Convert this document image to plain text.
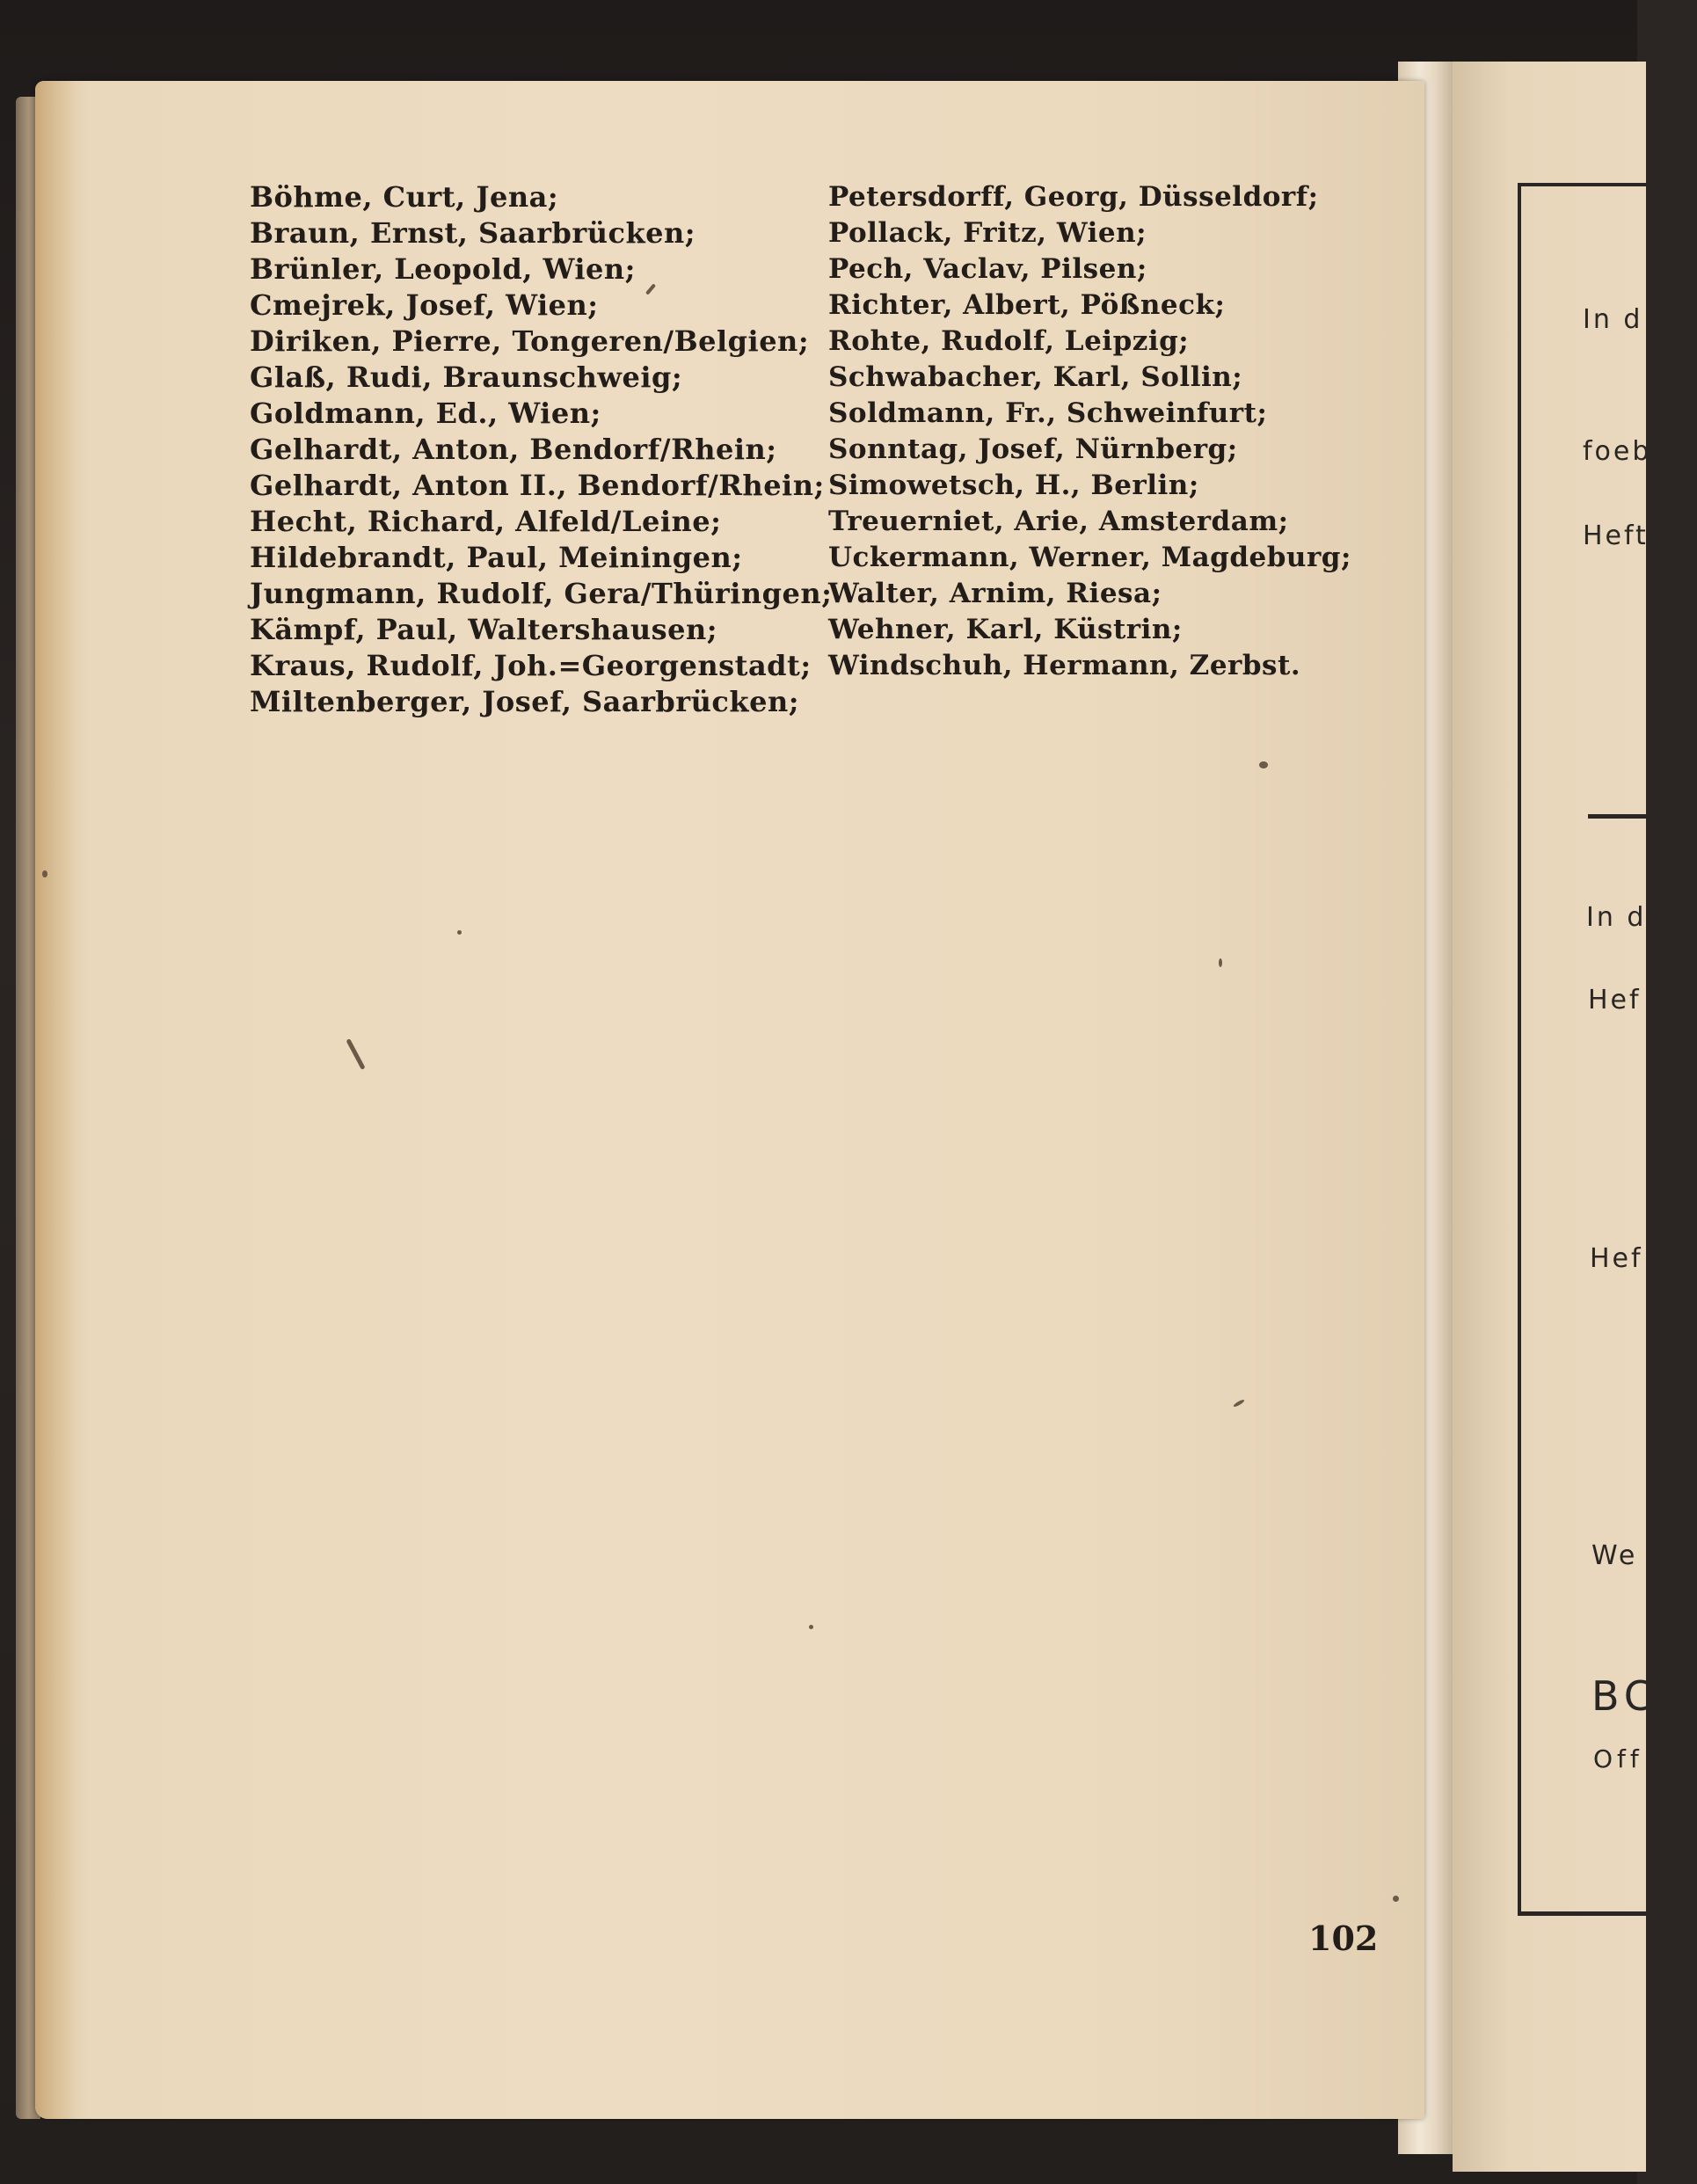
In d
foeb
Heft
In d
Hef
Hef
We
BC
Off
Böhme, Curt, Jena;
Braun, Ernst, Saarbrücken;
Brünler, Leopold, Wien;
Cmejrek, Josef, Wien;
Diriken, Pierre, Tongeren/Belgien;
Glaß, Rudi, Braunschweig;
Goldmann, Ed., Wien;
Gelhardt, Anton, Bendorf/Rhein;
Gelhardt, Anton II., Bendorf/Rhein;
Hecht, Richard, Alfeld/Leine;
Hildebrandt, Paul, Meiningen;
Jungmann, Rudolf, Gera/Thüringen;
Kämpf, Paul, Waltershausen;
Kraus, Rudolf, Joh.=Georgenstadt;
Miltenberger, Josef, Saarbrücken;
Petersdorff, Georg, Düsseldorf;
Pollack, Fritz, Wien;
Pech, Vaclav, Pilsen;
Richter, Albert, Pößneck;
Rohte, Rudolf, Leipzig;
Schwabacher, Karl, Sollin;
Soldmann, Fr., Schweinfurt;
Sonntag, Josef, Nürnberg;
Simowetsch, H., Berlin;
Treuerniet, Arie, Amsterdam;
Uckermann, Werner, Magdeburg;
Walter, Arnim, Riesa;
Wehner, Karl, Küstrin;
Windschuh, Hermann, Zerbst.
102
